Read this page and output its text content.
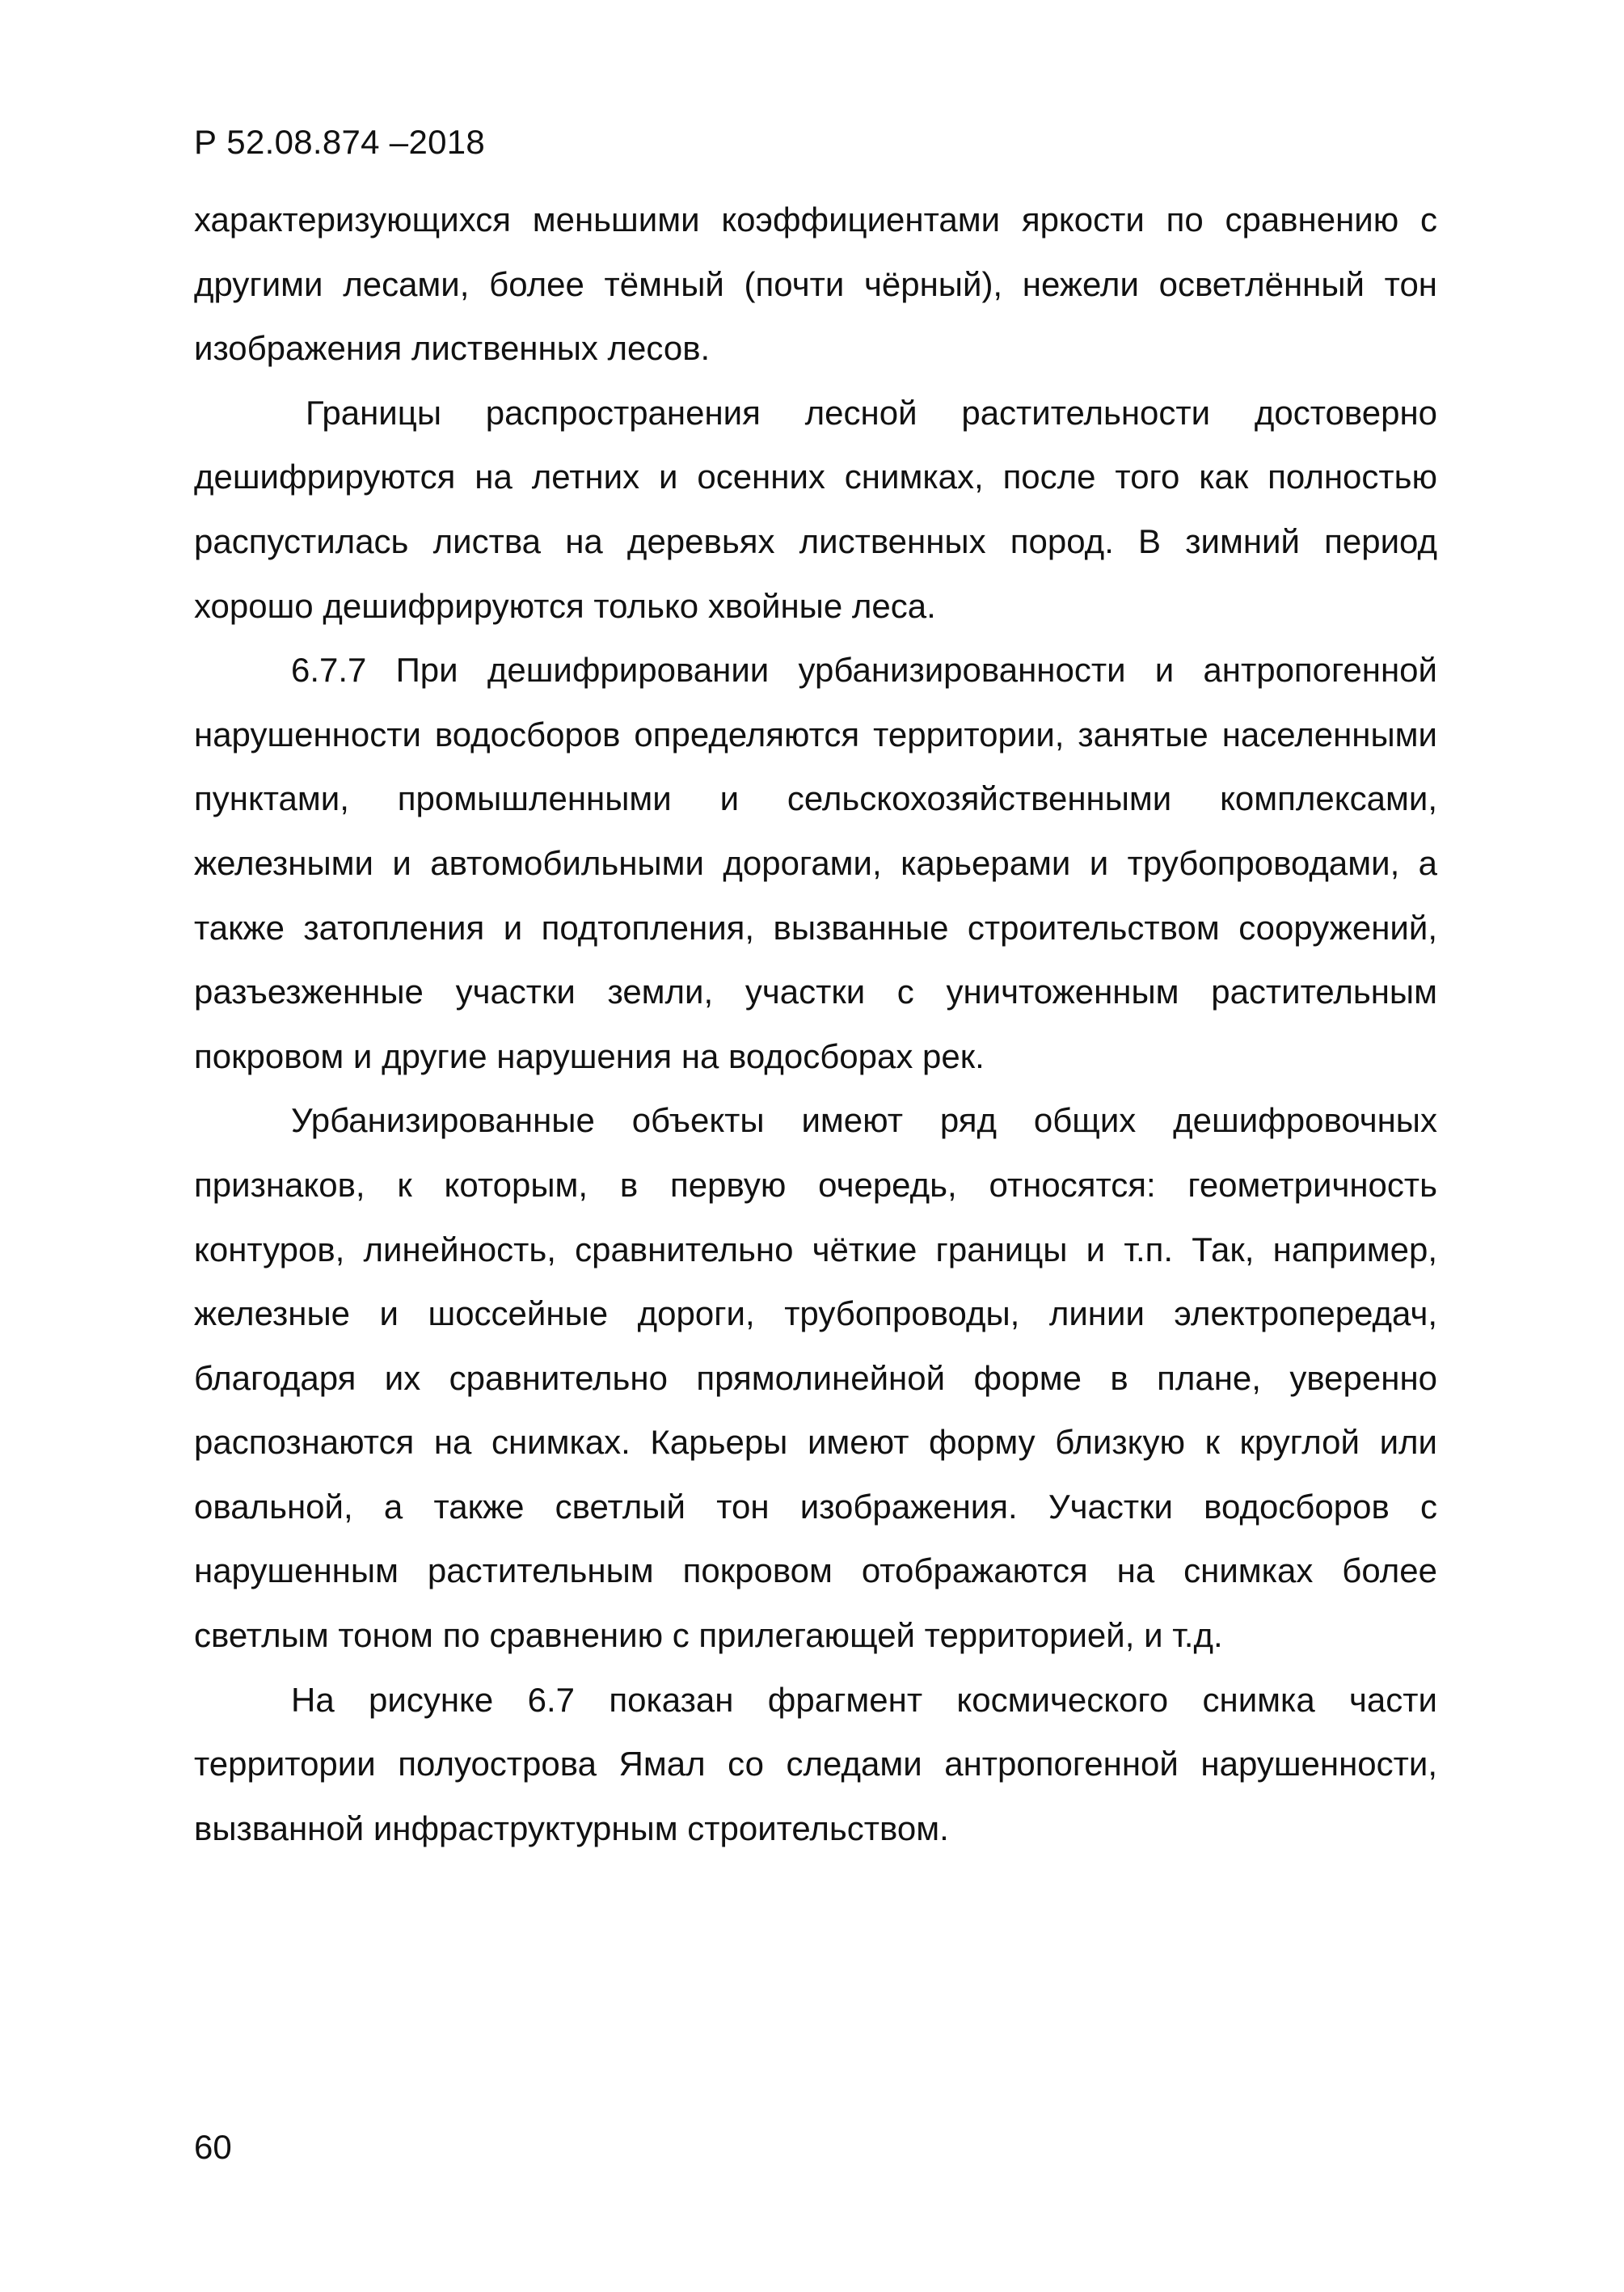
Р 52.08.874 –2018

характеризующихся меньшими коэффициентами яркости по сравнению с другими лесами, более тёмный (почти чёрный), нежели осветлённый тон изображения лиственных лесов.

Границы распространения лесной растительности достоверно дешифрируются на летних и осенних снимках, после того как полностью распустилась листва на деревьях лиственных пород. В зимний период хорошо дешифрируются только хвойные леса.

6.7.7 При дешифрировании урбанизированности и антропогенной нарушенности водосборов определяются территории, занятые населенными пунктами, промышленными и сельскохозяйственными комплексами, железными и автомобильными дорогами, карьерами и трубопроводами, а также затопления и подтопления, вызванные строительством сооружений, разъезженные участки земли, участки с уничтоженным растительным покровом и другие нарушения на водосборах рек.

Урбанизированные объекты имеют ряд общих дешифровочных признаков, к которым, в первую очередь, относятся: геометричность контуров, линейность, сравнительно чёткие границы и т.п. Так, например, железные и шоссейные дороги, трубопроводы, линии электропередач, благодаря их сравнительно прямолинейной форме в плане, уверенно распознаются на снимках. Карьеры имеют форму близкую к круглой или овальной, а также светлый тон изображения. Участки водосборов с нарушенным растительным покровом отображаются на снимках более светлым тоном по сравнению с прилегающей территорией, и т.д.

На рисунке 6.7 показан фрагмент космического снимка части территории полуострова Ямал со следами антропогенной нарушенности, вызванной инфраструктурным строительством.

60
